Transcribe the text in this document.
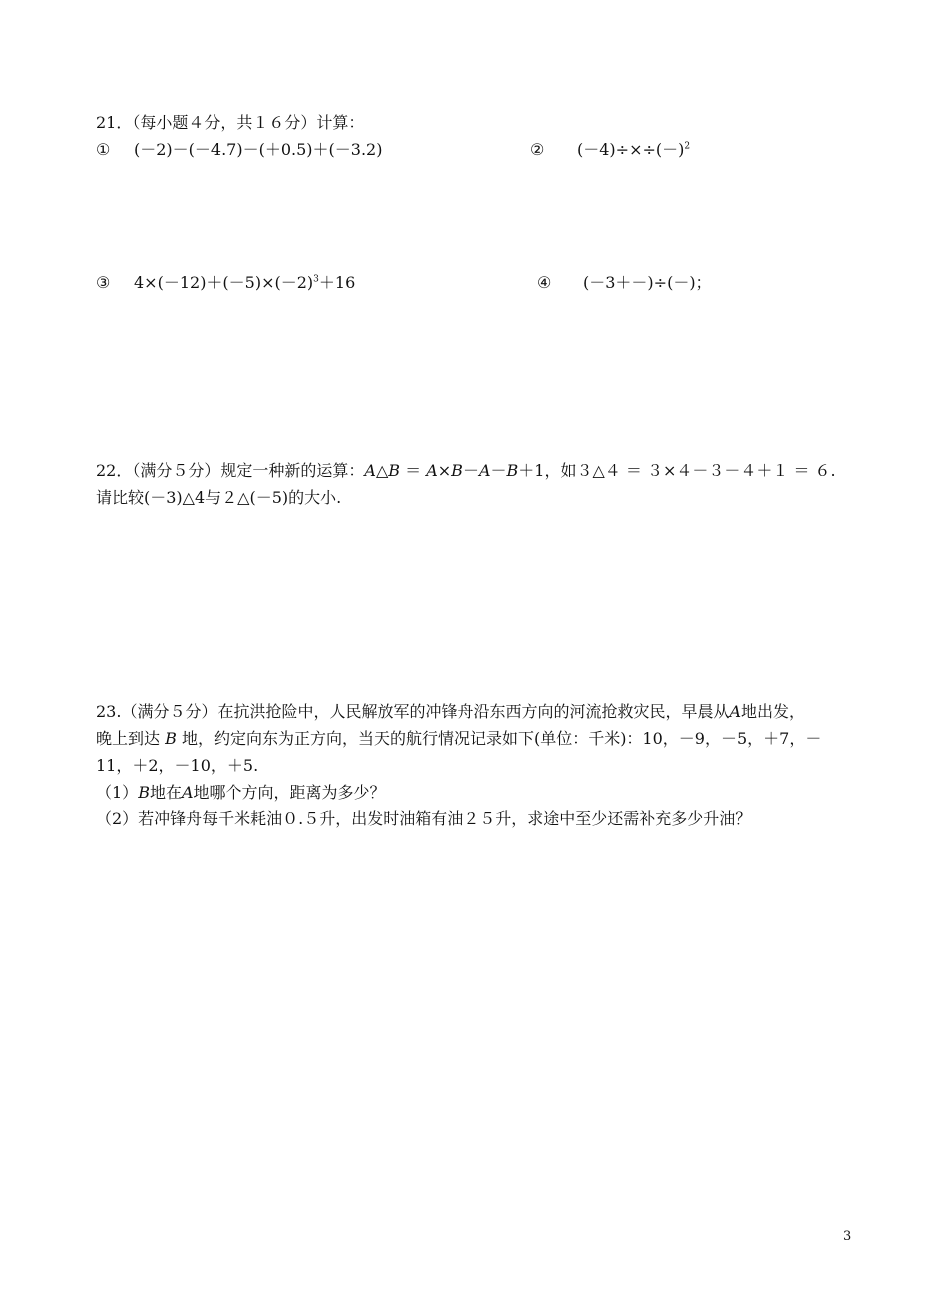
21．（每小题４分，共１６分）计算：
① (－2)－(－4.7)－(＋0.5)＋(－3.2)	② $(-4)\div\times\div(-)^2$
③ $4\times(-12)+(-5)\times(-2)^3+16$	④ (－3＋－)÷(－)；
22．（满分５分）规定一种新的运算：A△B ＝ A×B－A－B＋1，如３△４ ＝ ３×４－３－４＋１ ＝ ６.
请比较(－3)△4与２△(－5)的大小.
23.（满分５分）在抗洪抢险中，人民解放军的冲锋舟沿东西方向的河流抢救灾民，早晨从A地出发，
晚上到达 B 地，约定向东为正方向，当天的航行情况记录如下(单位：千米)：10，－9，－5，＋7，－
11，＋2，－10，＋5.
（1）B地在A地哪个方向，距离为多少？
（2）若冲锋舟每千米耗油０.５升，出发时油箱有油２５升，求途中至少还需补充多少升油？
3
